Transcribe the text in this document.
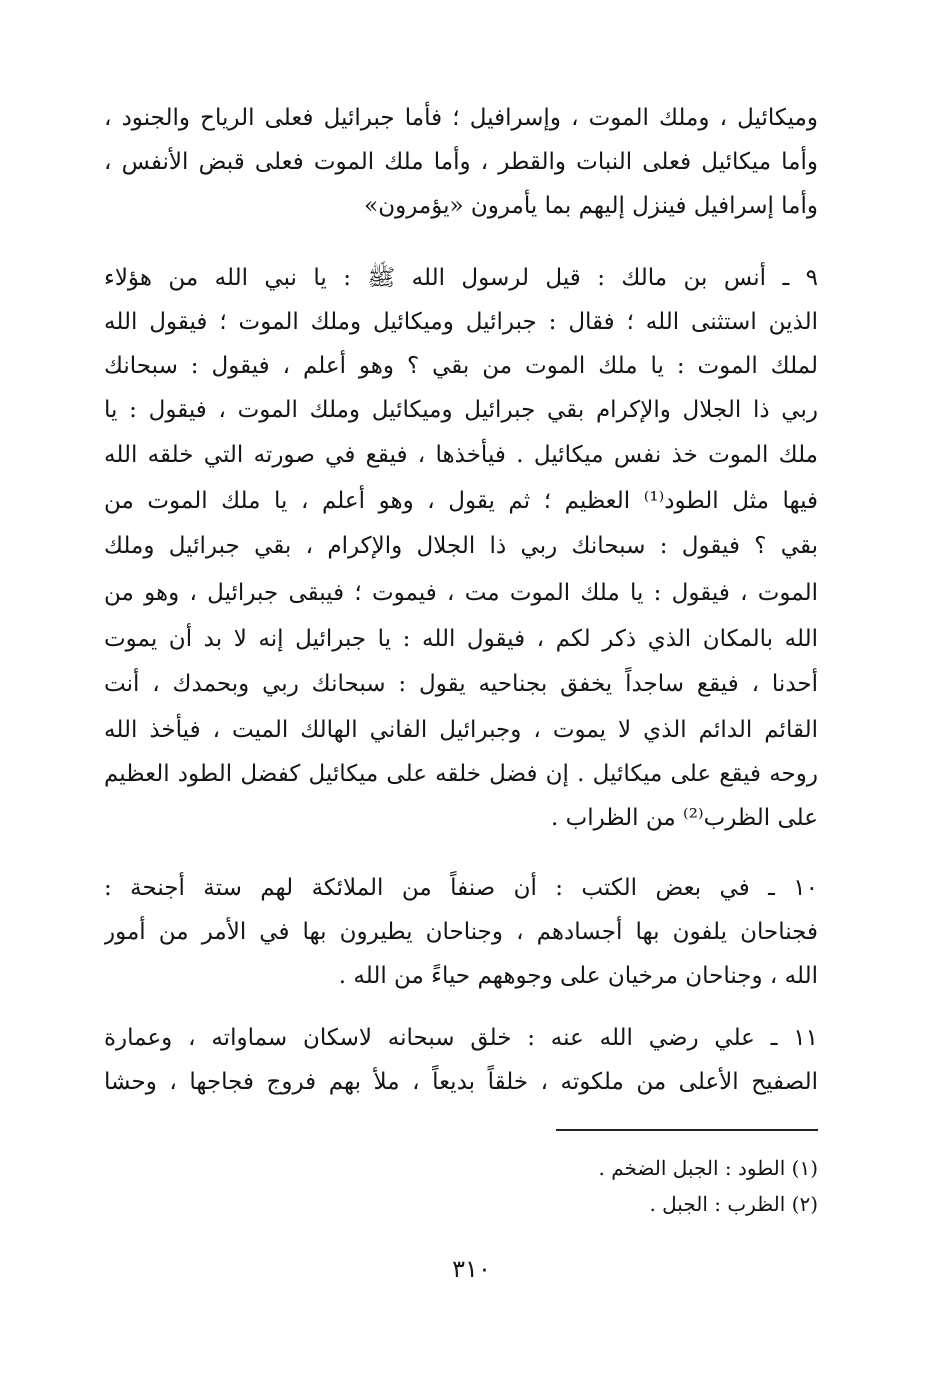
وميكائيل ، وملك الموت ، وإسرافيل ؛ فأما جبرائيل فعلى الرياح والجنود ،
وأما ميكائيل فعلى النبات والقطر ، وأما ملك الموت فعلى قبض الأنفس ،
وأما إسرافيل فينزل إليهم بما يأمرون «يؤمرون»
٩ ـ أنس بن مالك : قيل لرسول الله ﷺ : يا نبي الله من هؤلاء
الذين استثنى الله ؛ فقال : جبرائيل وميكائيل وملك الموت ؛ فيقول الله
لملك الموت : يا ملك الموت من بقي ؟ وهو أعلم ، فيقول : سبحانك
ربي ذا الجلال والإكرام بقي جبرائيل وميكائيل وملك الموت ، فيقول : يا
ملك الموت خذ نفس ميكائيل . فيأخذها ، فيقع في صورته التي خلقه الله
فيها مثل الطود⁽¹⁾ العظيم ؛ ثم يقول ، وهو أعلم ، يا ملك الموت من
بقي ؟ فيقول : سبحانك ربي ذا الجلال والإكرام ، بقي جبرائيل وملك
الموت ، فيقول : يا ملك الموت مت ، فيموت ؛ فيبقى جبرائيل ، وهو من
الله بالمكان الذي ذكر لكم ، فيقول الله : يا جبرائيل إنه لا بد أن يموت
أحدنا ، فيقع ساجداً يخفق بجناحيه يقول : سبحانك ربي وبحمدك ، أنت
القائم الدائم الذي لا يموت ، وجبرائيل الفاني الهالك الميت ، فيأخذ الله
روحه فيقع على ميكائيل . إن فضل خلقه على ميكائيل كفضل الطود العظيم
على الظرب⁽²⁾ من الظراب .
١٠ ـ في بعض الكتب : أن صنفاً من الملائكة لهم ستة أجنحة :
فجناحان يلفون بها أجسادهم ، وجناحان يطيرون بها في الأمر من أمور
الله ، وجناحان مرخيان على وجوههم حياءً من الله .
١١ ـ علي رضي الله عنه : خلق سبحانه لاسكان سماواته ، وعمارة
الصفيح الأعلى من ملكوته ، خلقاً بديعاً ، ملأ بهم فروج فجاجها ، وحشا
(١) الطود : الجبل الضخم .
(٢) الظرب : الجبل .
٣١٠
